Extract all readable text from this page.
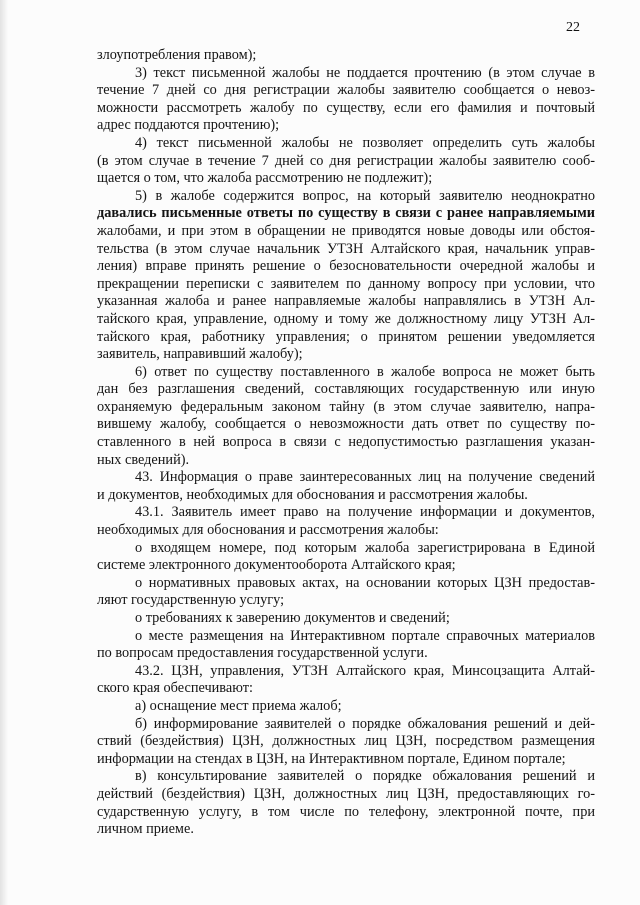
22
злоупотребления правом);
3) текст письменной жалобы не поддается прочтению (в этом случае в
течение 7 дней со дня регистрации жалобы заявителю сообщается о невоз-
можности рассмотреть жалобу по существу, если его фамилия и почтовый
адрес поддаются прочтению);
4) текст письменной жалобы не позволяет определить суть жалобы
(в этом случае в течение 7 дней со дня регистрации жалобы заявителю сооб-
щается о том, что жалоба рассмотрению не подлежит);
5) в жалобе содержится вопрос, на который заявителю неоднократно
давались письменные ответы по существу в связи с ранее направляемыми
жалобами, и при этом в обращении не приводятся новые доводы или обстоя-
тельства (в этом случае начальник УТЗН Алтайского края, начальник управ-
ления) вправе принять решение о безосновательности очередной жалобы и
прекращении переписки с заявителем по данному вопросу при условии, что
указанная жалоба и ранее направляемые жалобы направлялись в УТЗН Ал-
тайского края, управление, одному и тому же должностному лицу УТЗН Ал-
тайского края, работнику управления; о принятом решении уведомляется
заявитель, направивший жалобу);
6) ответ по существу поставленного в жалобе вопроса не может быть
дан без разглашения сведений, составляющих государственную или иную
охраняемую федеральным законом тайну (в этом случае заявителю, напра-
вившему жалобу, сообщается о невозможности дать ответ по существу по-
ставленного в ней вопроса в связи с недопустимостью разглашения указан-
ных сведений).
43. Информация о праве заинтересованных лиц на получение сведений
и документов, необходимых для обоснования и рассмотрения жалобы.
43.1. Заявитель имеет право на получение информации и документов,
необходимых для обоснования и рассмотрения жалобы:
о входящем номере, под которым жалоба зарегистрирована в Единой
системе электронного документооборота Алтайского края;
о нормативных правовых актах, на основании которых ЦЗН предостав-
ляют государственную услугу;
о требованиях к заверению документов и сведений;
о месте размещения на Интерактивном портале справочных материалов
по вопросам предоставления государственной услуги.
43.2. ЦЗН, управления, УТЗН Алтайского края, Минсоцзащита Алтай-
ского края обеспечивают:
а) оснащение мест приема жалоб;
б) информирование заявителей о порядке обжалования решений и дей-
ствий (бездействия) ЦЗН, должностных лиц ЦЗН, посредством размещения
информации на стендах в ЦЗН, на Интерактивном портале, Едином портале;
в) консультирование заявителей о порядке обжалования решений и
действий (бездействия) ЦЗН, должностных лиц ЦЗН, предоставляющих го-
сударственную услугу, в том числе по телефону, электронной почте, при
личном приеме.
